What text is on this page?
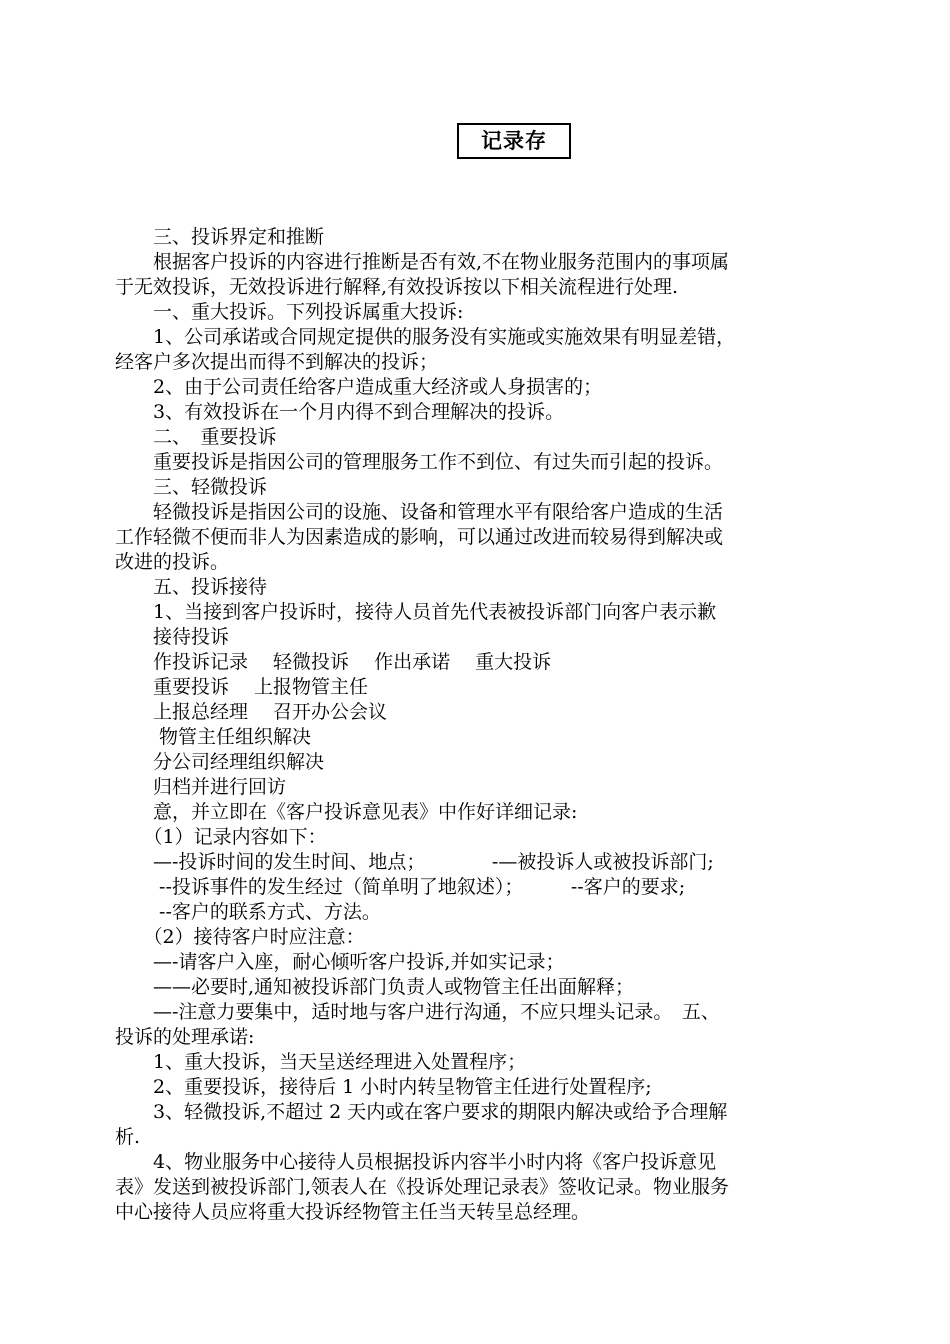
记录存
　　三、投诉界定和推断
　　根据客户投诉的内容进行推断是否有效,不在物业服务范围内的事项属
于无效投诉，无效投诉进行解释,有效投诉按以下相关流程进行处理.
　　一、重大投诉。下列投诉属重大投诉:
　　1、公司承诺或合同规定提供的服务没有实施或实施效果有明显差错，
经客户多次提出而得不到解决的投诉；
　　2、由于公司责任给客户造成重大经济或人身损害的；
　　3、有效投诉在一个月内得不到合理解决的投诉。
　　二、　重要投诉
　　重要投诉是指因公司的管理服务工作不到位、有过失而引起的投诉。
　　三、轻微投诉
　　轻微投诉是指因公司的设施、设备和管理水平有限给客户造成的生活
工作轻微不便而非人为因素造成的影响，可以通过改进而较易得到解决或
改进的投诉。
　　五、投诉接待
　　1、当接到客户投诉时，接待人员首先代表被投诉部门向客户表示歉
　　接待投诉
　　作投诉记录　 轻微投诉　 作出承诺　 重大投诉
　　重要投诉　 上报物管主任
　　上报总经理　 召开办公会议
　　 物管主任组织解决
　　分公司经理组织解决
　　归档并进行回访
　　意，并立即在《客户投诉意见表》中作好详细记录:
　　（1）记录内容如下：
　　—-投诉时间的发生时间、地点；　　　　-—被投诉人或被投诉部门;
　　 --投诉事件的发生经过（简单明了地叙述）；　　　--客户的要求;
　　 --客户的联系方式、方法。
　　（2）接待客户时应注意：
　　—-请客户入座，耐心倾听客户投诉,并如实记录；
　　——必要时,通知被投诉部门负责人或物管主任出面解释；
　　—-注意力要集中，适时地与客户进行沟通，不应只埋头记录。　五、
投诉的处理承诺:
　　1、重大投诉，当天呈送经理进入处置程序；
　　2、重要投诉，接待后 1 小时内转呈物管主任进行处置程序;
　　3、轻微投诉,不超过 2 天内或在客户要求的期限内解决或给予合理解
析.
　　4、物业服务中心接待人员根据投诉内容半小时内将《客户投诉意见
表》发送到被投诉部门,领表人在《投诉处理记录表》签收记录。物业服务
中心接待人员应将重大投诉经物管主任当天转呈总经理。
